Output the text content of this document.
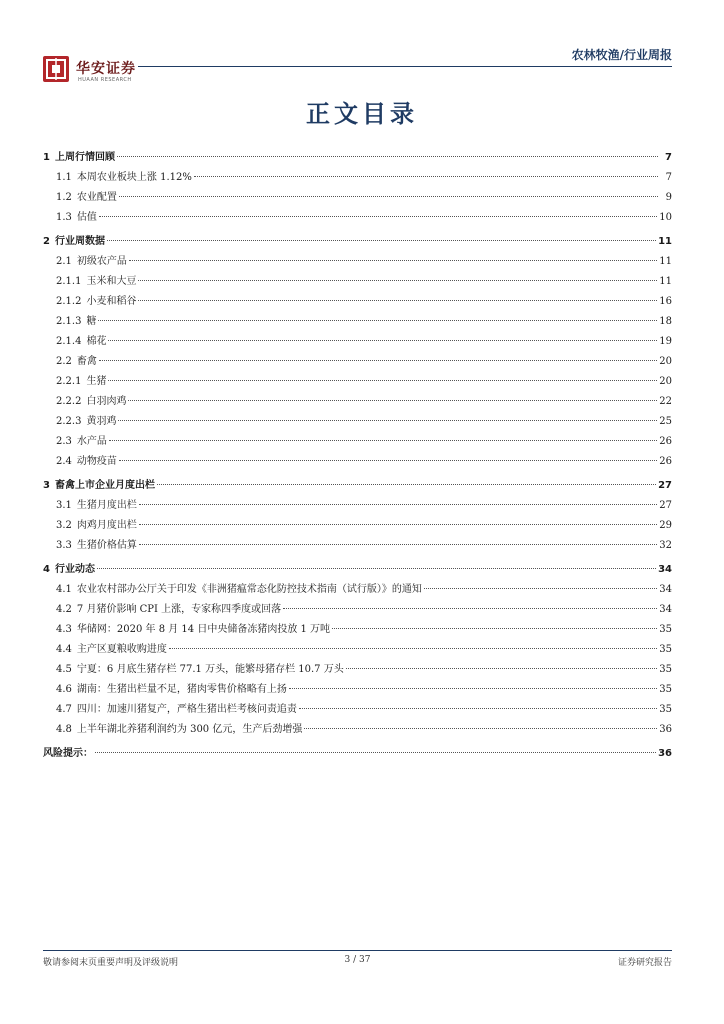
华安证券
HUAAN RESEARCH
农林牧渔/行业周报
正文目录
1 上周行情回顾	7
1.1 本周农业板块上涨 1.12%	7
1.2 农业配置	9
1.3 估值	10
2 行业周数据	11
2.1 初级农产品	11
2.1.1 玉米和大豆	11
2.1.2 小麦和稻谷	16
2.1.3 糖	18
2.1.4 棉花	19
2.2 畜禽	20
2.2.1 生猪	20
2.2.2 白羽肉鸡	22
2.2.3 黄羽鸡	25
2.3 水产品	26
2.4 动物疫苗	26
3 畜禽上市企业月度出栏	27
3.1 生猪月度出栏	27
3.2 肉鸡月度出栏	29
3.3 生猪价格估算	32
4 行业动态	34
4.1 农业农村部办公厅关于印发《非洲猪瘟常态化防控技术指南（试行版）》的通知	34
4.2 7 月猪价影响 CPI 上涨，专家称四季度或回落	34
4.3 华储网：2020 年 8 月 14 日中央储备冻猪肉投放 1 万吨	35
4.4 主产区夏粮收购进度	35
4.5 宁夏：6 月底生猪存栏 77.1 万头，能繁母猪存栏 10.7 万头	35
4.6 湖南：生猪出栏量不足，猪肉零售价格略有上扬	35
4.7 四川：加速川猪复产，严格生猪出栏考核问责追责	35
4.8 上半年湖北养猪利润约为 300 亿元，生产后劲增强	36
风险提示：	36
敬请参阅末页重要声明及评级说明	3 / 37	证券研究报告
